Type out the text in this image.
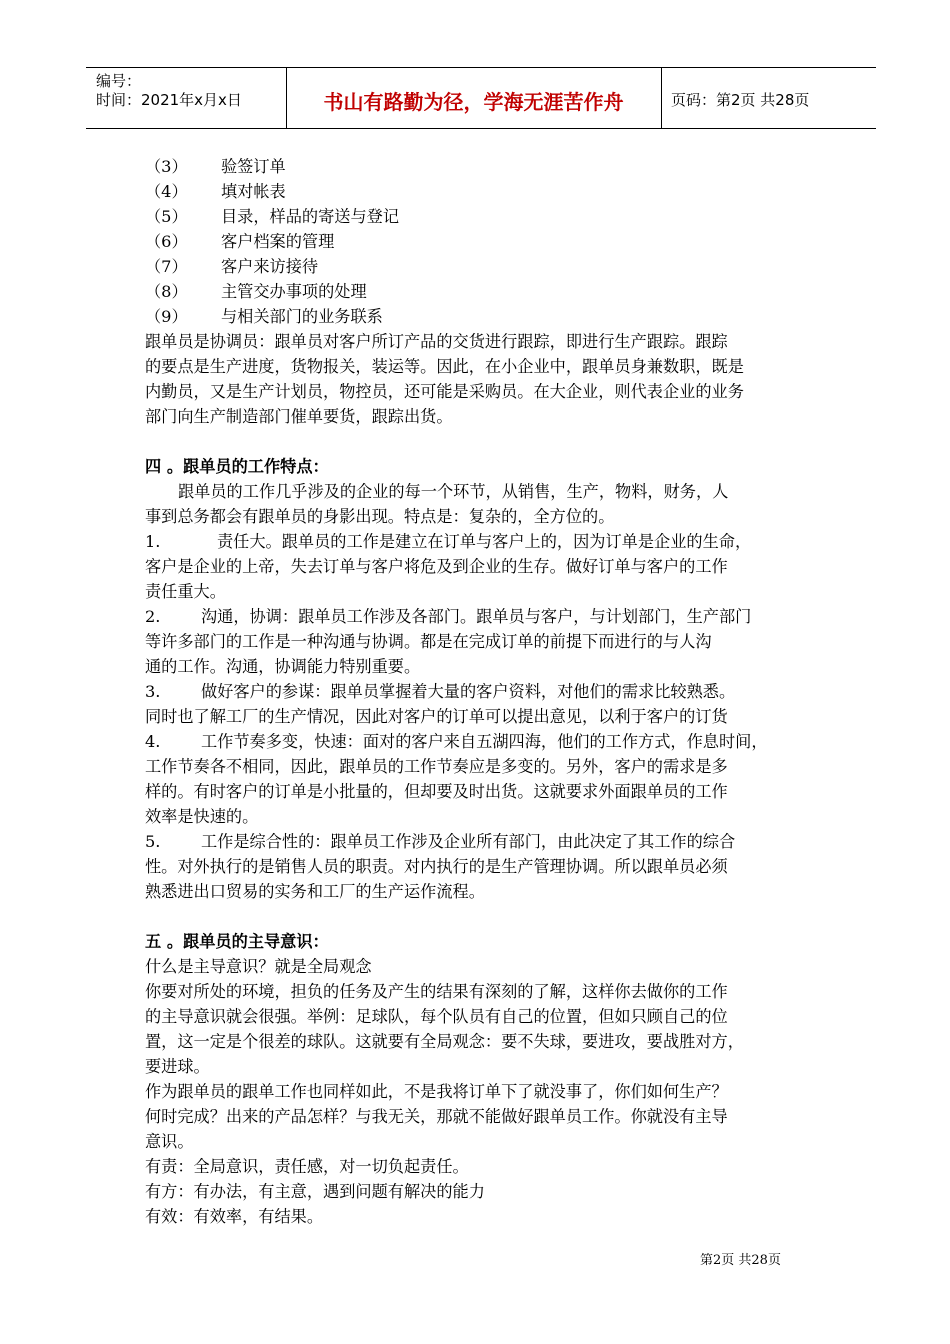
编号：
时间：2021年x月x日	书山有路勤为径，学海无涯苦作舟	页码：第2页 共28页
（3） 验签订单
（4） 填对帐表
（5） 目录，样品的寄送与登记
（6） 客户档案的管理
（7） 客户来访接待
（8） 主管交办事项的处理
（9） 与相关部门的业务联系
跟单员是协调员：跟单员对客户所订产品的交货进行跟踪，即进行生产跟踪。跟踪
的要点是生产进度，货物报关，装运等。因此，在小企业中，跟单员身兼数职，既是
内勤员，又是生产计划员，物控员，还可能是采购员。在大企业，则代表企业的业务
部门向生产制造部门催单要货，跟踪出货。
四 。跟单员的工作特点：
跟单员的工作几乎涉及的企业的每一个环节，从销售，生产，物料，财务，人
事到总务都会有跟单员的身影出现。特点是：复杂的，全方位的。
1.	责任大。跟单员的工作是建立在订单与客户上的，因为订单是企业的生命，
客户是企业的上帝，失去订单与客户将危及到企业的生存。做好订单与客户的工作
责任重大。
2.	沟通，协调：跟单员工作涉及各部门。跟单员与客户，与计划部门，生产部门
等许多部门的工作是一种沟通与协调。都是在完成订单的前提下而进行的与人沟
通的工作。沟通，协调能力特别重要。
3.	做好客户的参谋：跟单员掌握着大量的客户资料，对他们的需求比较熟悉。
同时也了解工厂的生产情况，因此对客户的订单可以提出意见，以利于客户的订货
4.	工作节奏多变，快速：面对的客户来自五湖四海，他们的工作方式，作息时间，
工作节奏各不相同，因此，跟单员的工作节奏应是多变的。另外，客户的需求是多
样的。有时客户的订单是小批量的，但却要及时出货。这就要求外面跟单员的工作
效率是快速的。
5.	工作是综合性的：跟单员工作涉及企业所有部门，由此决定了其工作的综合
性。对外执行的是销售人员的职责。对内执行的是生产管理协调。所以跟单员必须
熟悉进出口贸易的实务和工厂的生产运作流程。
五 。跟单员的主导意识：
什么是主导意识？就是全局观念
你要对所处的环境，担负的任务及产生的结果有深刻的了解，这样你去做你的工作
的主导意识就会很强。举例：足球队，每个队员有自己的位置，但如只顾自己的位
置，这一定是个很差的球队。这就要有全局观念：要不失球，要进攻，要战胜对方，
要进球。
作为跟单员的跟单工作也同样如此，不是我将订单下了就没事了，你们如何生产？
何时完成？出来的产品怎样？与我无关，那就不能做好跟单员工作。你就没有主导
意识。
有责：全局意识，责任感，对一切负起责任。
有方：有办法，有主意，遇到问题有解决的能力
有效：有效率，有结果。
第2页 共28页
